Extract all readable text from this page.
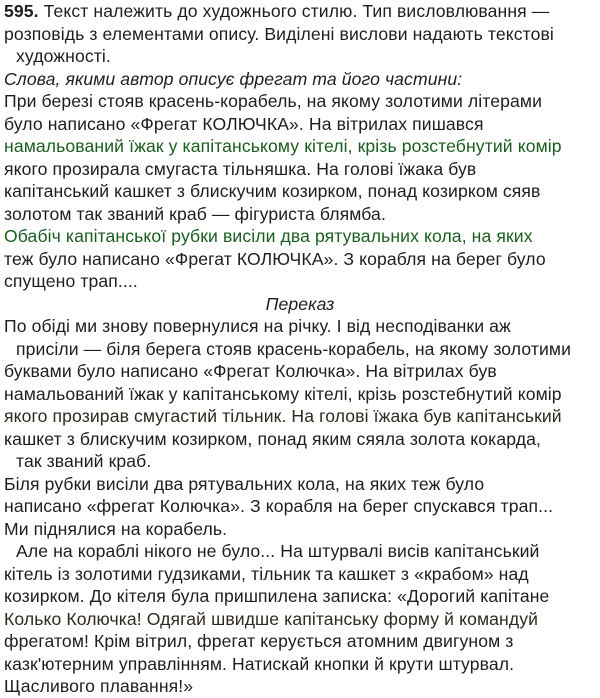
595. Текст належить до художнього стилю. Тип висловлювання —
розповідь з елементами опису. Виділені вислови надають текстові
художності.
Слова, якими автор описує фрегат та його частини:
При березі стояв красень-корабель, на якому золотими літерами
було написано «Фрегат КОЛЮЧКА». На вітрилах пишався
намальований їжак у капітанському кітелі, крізь розстебнутий комір
якого прозирала смугаста тільняшка. На голові їжака був
капітанський кашкет з блискучим козирком, понад козирком сяяв
золотом так званий краб — фігуриста блямба.
Обабіч капітанської рубки висіли два рятувальних кола, на яких
теж було написано «Фрегат КОЛЮЧКА». З корабля на берег було
спущено трап....
Переказ
По обіді ми знову повернулися на річку. І від несподіванки аж
присіли — біля берега стояв красень-корабель, на якому золотими
буквами було написано «Фрегат Колючка». На вітрилах був
намальований їжак у капітанському кітелі, крізь розстебнутий комір
якого прозирав смугастий тільник. На голові їжака був капітанський
кашкет з блискучим козирком, понад яким сяяла золота кокарда,
так званий краб.
Біля рубки висіли два рятувальних кола, на яких теж було
написано «фрегат Колючка». З корабля на берег спускався трап...
Ми піднялися на корабель.
Але на кораблі нікого не було... На штурвалі висів капітанський
кітель із золотими гудзиками, тільник та кашкет з «крабом» над
козирком. До кітеля була пришпилена записка: «Дорогий капітане
Колько Колючка! Одягай швидше капітанську форму й командуй
фрегатом! Крім вітрил, фрегат керується атомним двигуном з
казк'ютерним управлінням. Натискай кнопки й крути штурвал.
Щасливого плавання!»
